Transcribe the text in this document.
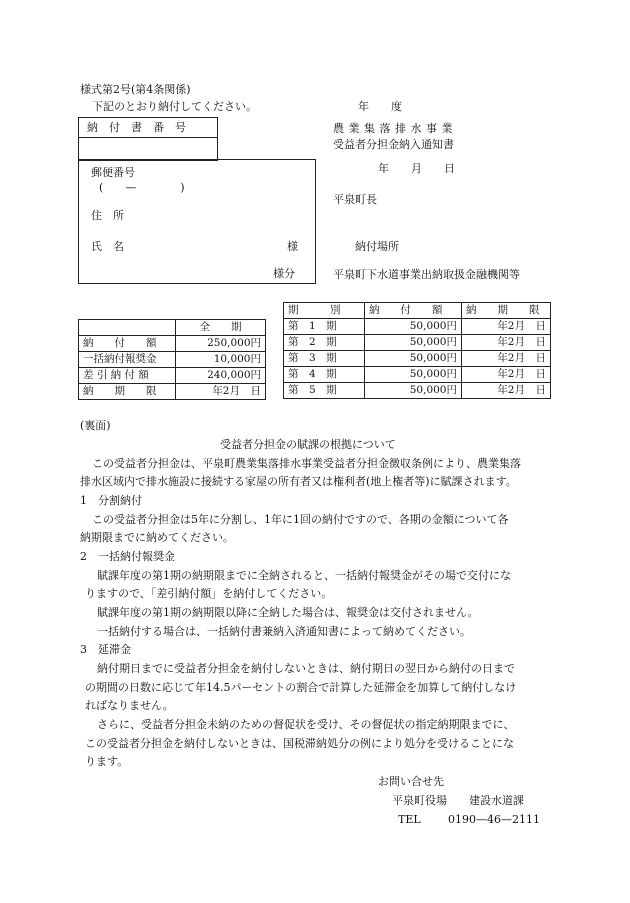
様式第2号(第4条関係)
下記のとおり納付してください。	年　　度
納　付　書　番　号	農 業 集 落 排 水 事 業
受益者分担金納入通知書
年　　月　　日
平泉町長
郵便番号
(　　—　　　　)
住　所
氏　名	様
様分
納付場所
平泉町下水道事業出納取扱金融機関等
	全　　期
納　　付　　額	250,000円
一括納付報奨金	10,000円
差 引 納 付 額	240,000円
納　　期　　限	年2月　日
期　　　別	納　　付　　額	納　　期　　限
第　1　期	50,000円	年2月　日
第　2　期	50,000円	年2月　日
第　3　期	50,000円	年2月　日
第　4　期	50,000円	年2月　日
第　5　期	50,000円	年2月　日
(裏面)
受益者分担金の賦課の根拠について

この受益者分担金は、平泉町農業集落排水事業受益者分担金徴収条例により、農業集落

排水区域内で排水施設に接続する家屋の所有者又は権利者(地上権者等)に賦課されます。

1　分割納付

この受益者分担金は5年に分割し、1年に1回の納付ですので、各期の金額について各

納期限までに納めてください。

2　一括納付報奨金

賦課年度の第1期の納期限までに全納されると、一括納付報奨金がその場で交付にな

りますので、「差引納付額」を納付してください。

賦課年度の第1期の納期限以降に全納した場合は、報奨金は交付されません。

一括納付する場合は、一括納付書兼納入済通知書によって納めてください。

3　延滞金

納付期日までに受益者分担金を納付しないときは、納付期日の翌日から納付の日まで

の期間の日数に応じて年14.5パーセントの割合で計算した延滞金を加算して納付しなけ

ればなりません。

さらに、受益者分担金未納のための督促状を受け、その督促状の指定納期限までに、

この受益者分担金を納付しないときは、国税滞納処分の例により処分を受けることにな

ります。

お問い合せ先
平泉町役場　　建設水道課
TEL 0190—46—2111
